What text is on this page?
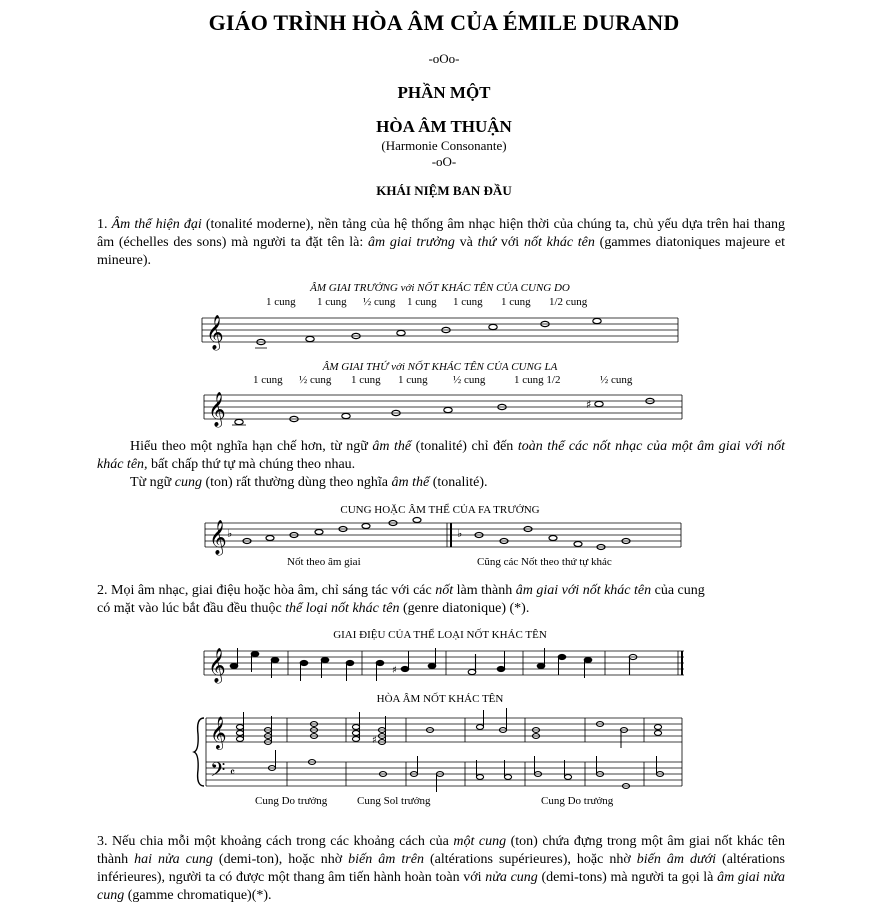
GIÁO TRÌNH HÒA ÂM CỦA ÉMILE DURAND
-oOo-
PHẦN MỘT
HÒA ÂM THUẬN
(Harmonie Consonante)
-oO-
KHÁI NIỆM BAN ĐẦU
1. Âm thể hiện đại (tonalité moderne), nền tảng của hệ thống âm nhạc hiện thời của chúng ta, chủ yếu dựa trên hai thang âm (échelles des sons) mà người ta đặt tên là: âm giai trưởng và thứ với nốt khác tên (gammes diatoniques majeure et mineure).
ÂM GIAI TRƯỞNG với NỐT KHÁC TÊN CỦA CUNG DO
1 cung 1 cung ½ cung 1 cung 1 cung 1 cung 1/2 cung
𝄞
ÂM GIAI THỨ với NỐT KHÁC TÊN CỦA CUNG LA
1 cung ½ cung 1 cung 1 cung ½ cung	1 cung 1/2	½ cung
𝄞	♯
Hiểu theo một nghĩa hạn chế hơn, từ ngữ âm thể (tonalité) chỉ đến toàn thể các nốt nhạc của một âm giai với nốt khác tên, bất chấp thứ tự mà chúng theo nhau.
Từ ngữ cung (ton) rất thường dùng theo nghĩa âm thể (tonalité).
CUNG HOẶC ÂM THỂ CỦA FA TRƯỞNG
𝄞 ♭	♭
Nốt theo âm giai	Cũng các Nốt theo thứ tự khác
2. Mọi âm nhạc, giai điệu hoặc hòa âm, chỉ sáng tác với các nốt làm thành âm giai với nốt khác tên của cung
có mặt vào lúc bắt đầu đều thuộc thể loại nốt khác tên (genre diatonique) (*).
GIAI ĐIỆU CỦA THỂ LOẠI NỐT KHÁC TÊN
𝄞	♯
HÒA ÂM NỐT KHÁC TÊN
𝄞
𝄢 𝄴
♯
Cung Do trưởng	Cung Sol trưởng	Cung Do trưởng
3. Nếu chia mỗi một khoảng cách trong các khoảng cách của một cung (ton) chứa đựng trong một âm giai nốt khác tên thành hai nửa cung (demi-ton), hoặc nhờ biến âm trên (altérations supérieures), hoặc nhờ biến âm dưới (altérations inférieures), người ta có được một thang âm tiến hành hoàn toàn với nửa cung (demi-tons) mà người ta gọi là âm giai nửa cung (gamme chromatique)(*).
